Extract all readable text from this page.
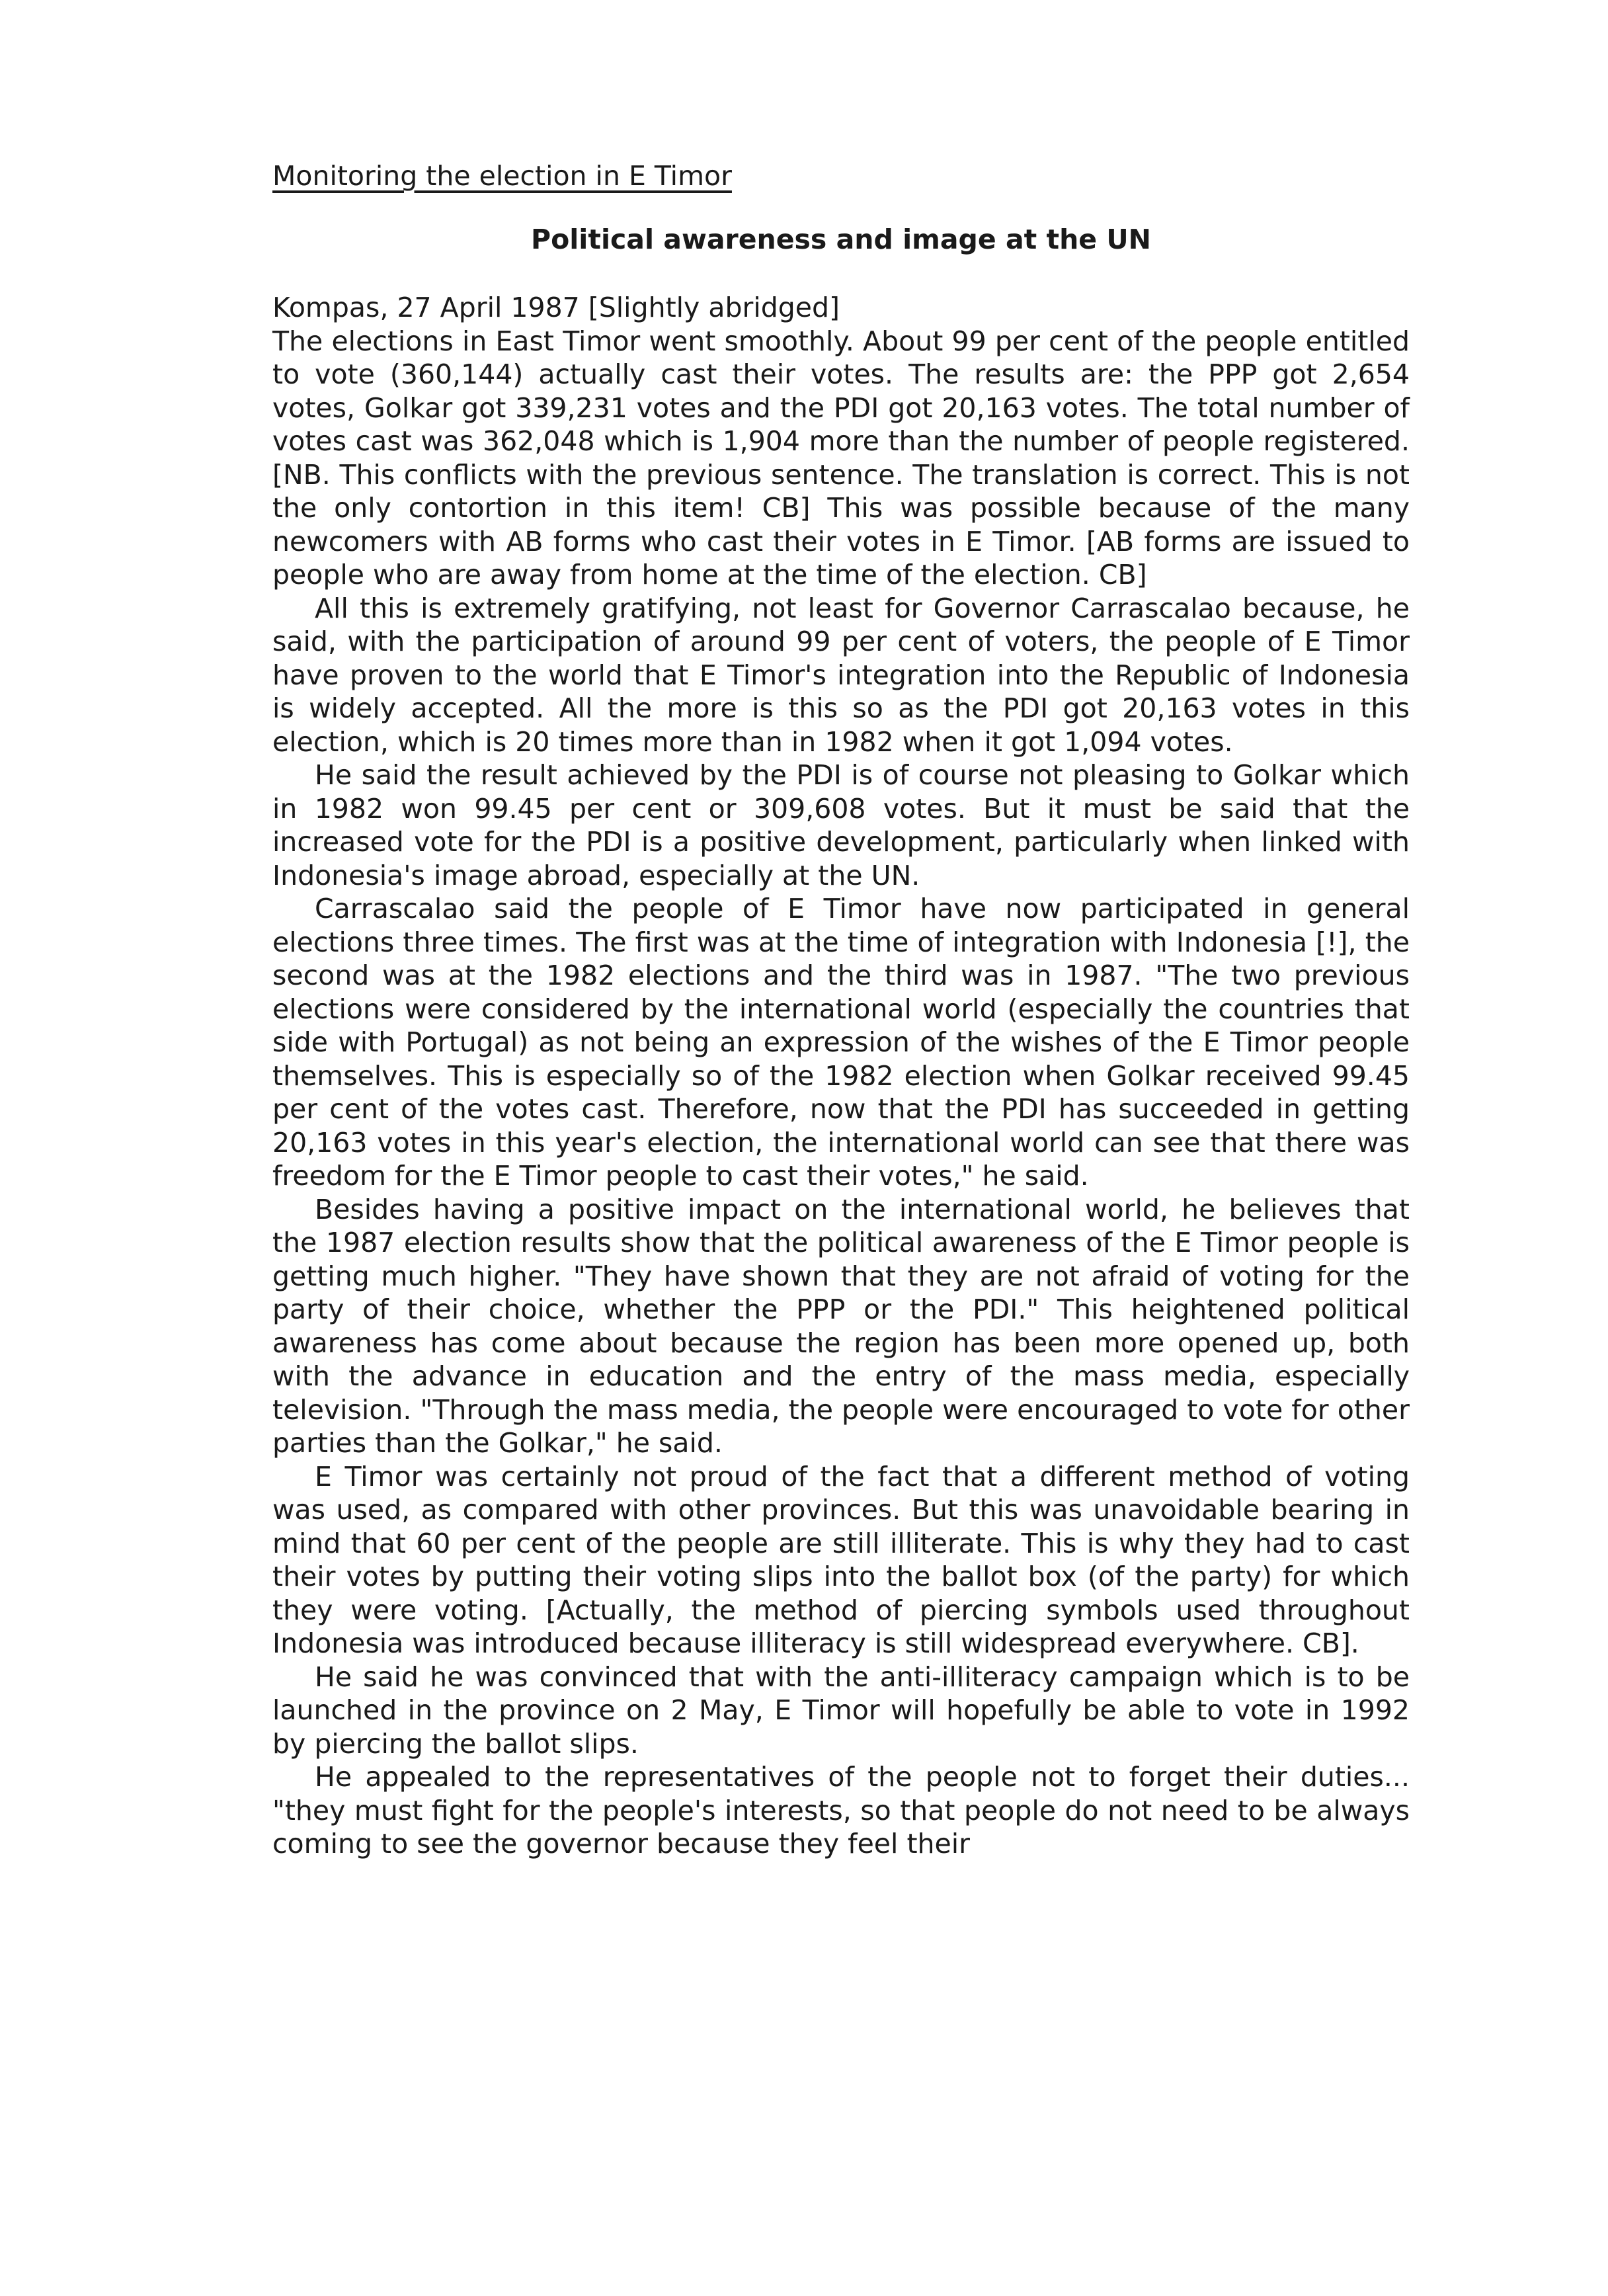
Monitoring the election in E Timor
Political awareness and image at the UN
Kompas, 27 April 1987 [Slightly abridged]

The elections in East Timor went smoothly. About 99 per cent of the people entitled to vote (360,144) actually cast their votes. The results are: the PPP got 2,654 votes, Golkar got 339,231 votes and the PDI got 20,163 votes. The total number of votes cast was 362,048 which is 1,904 more than the number of people registered. [NB. This conflicts with the previous sentence. The translation is correct. This is not the only contortion in this item! CB] This was possible because of the many newcomers with AB forms who cast their votes in E Timor. [AB forms are issued to people who are away from home at the time of the election. CB]

All this is extremely gratifying, not least for Governor Carrascalao because, he said, with the participation of around 99 per cent of voters, the people of E Timor have proven to the world that E Timor's integration into the Republic of Indonesia is widely accepted. All the more is this so as the PDI got 20,163 votes in this election, which is 20 times more than in 1982 when it got 1,094 votes.

He said the result achieved by the PDI is of course not pleasing to Golkar which in 1982 won 99.45 per cent or 309,608 votes. But it must be said that the increased vote for the PDI is a positive development, particularly when linked with Indonesia's image abroad, especially at the UN.

Carrascalao said the people of E Timor have now participated in general elections three times. The first was at the time of integration with Indonesia [!], the second was at the 1982 elections and the third was in 1987. "The two previous elections were considered by the international world (especially the countries that side with Portugal) as not being an expression of the wishes of the E Timor people themselves. This is especially so of the 1982 election when Golkar received 99.45 per cent of the votes cast. Therefore, now that the PDI has succeeded in getting 20,163 votes in this year's election, the international world can see that there was freedom for the E Timor people to cast their votes," he said.

Besides having a positive impact on the international world, he believes that the 1987 election results show that the political awareness of the E Timor people is getting much higher. "They have shown that they are not afraid of voting for the party of their choice, whether the PPP or the PDI." This heightened political awareness has come about because the region has been more opened up, both with the advance in education and the entry of the mass media, especially television. "Through the mass media, the people were encouraged to vote for other parties than the Golkar," he said.

E Timor was certainly not proud of the fact that a different method of voting was used, as compared with other provinces. But this was unavoidable bearing in mind that 60 per cent of the people are still illiterate. This is why they had to cast their votes by putting their voting slips into the ballot box (of the party) for which they were voting. [Actually, the method of piercing symbols used throughout Indonesia was introduced because illiteracy is still widespread everywhere. CB].

He said he was convinced that with the anti-illiteracy campaign which is to be launched in the province on 2 May, E Timor will hopefully be able to vote in 1992 by piercing the ballot slips.

He appealed to the representatives of the people not to forget their duties... "they must fight for the people's interests, so that people do not need to be always coming to see the governor because they feel their
